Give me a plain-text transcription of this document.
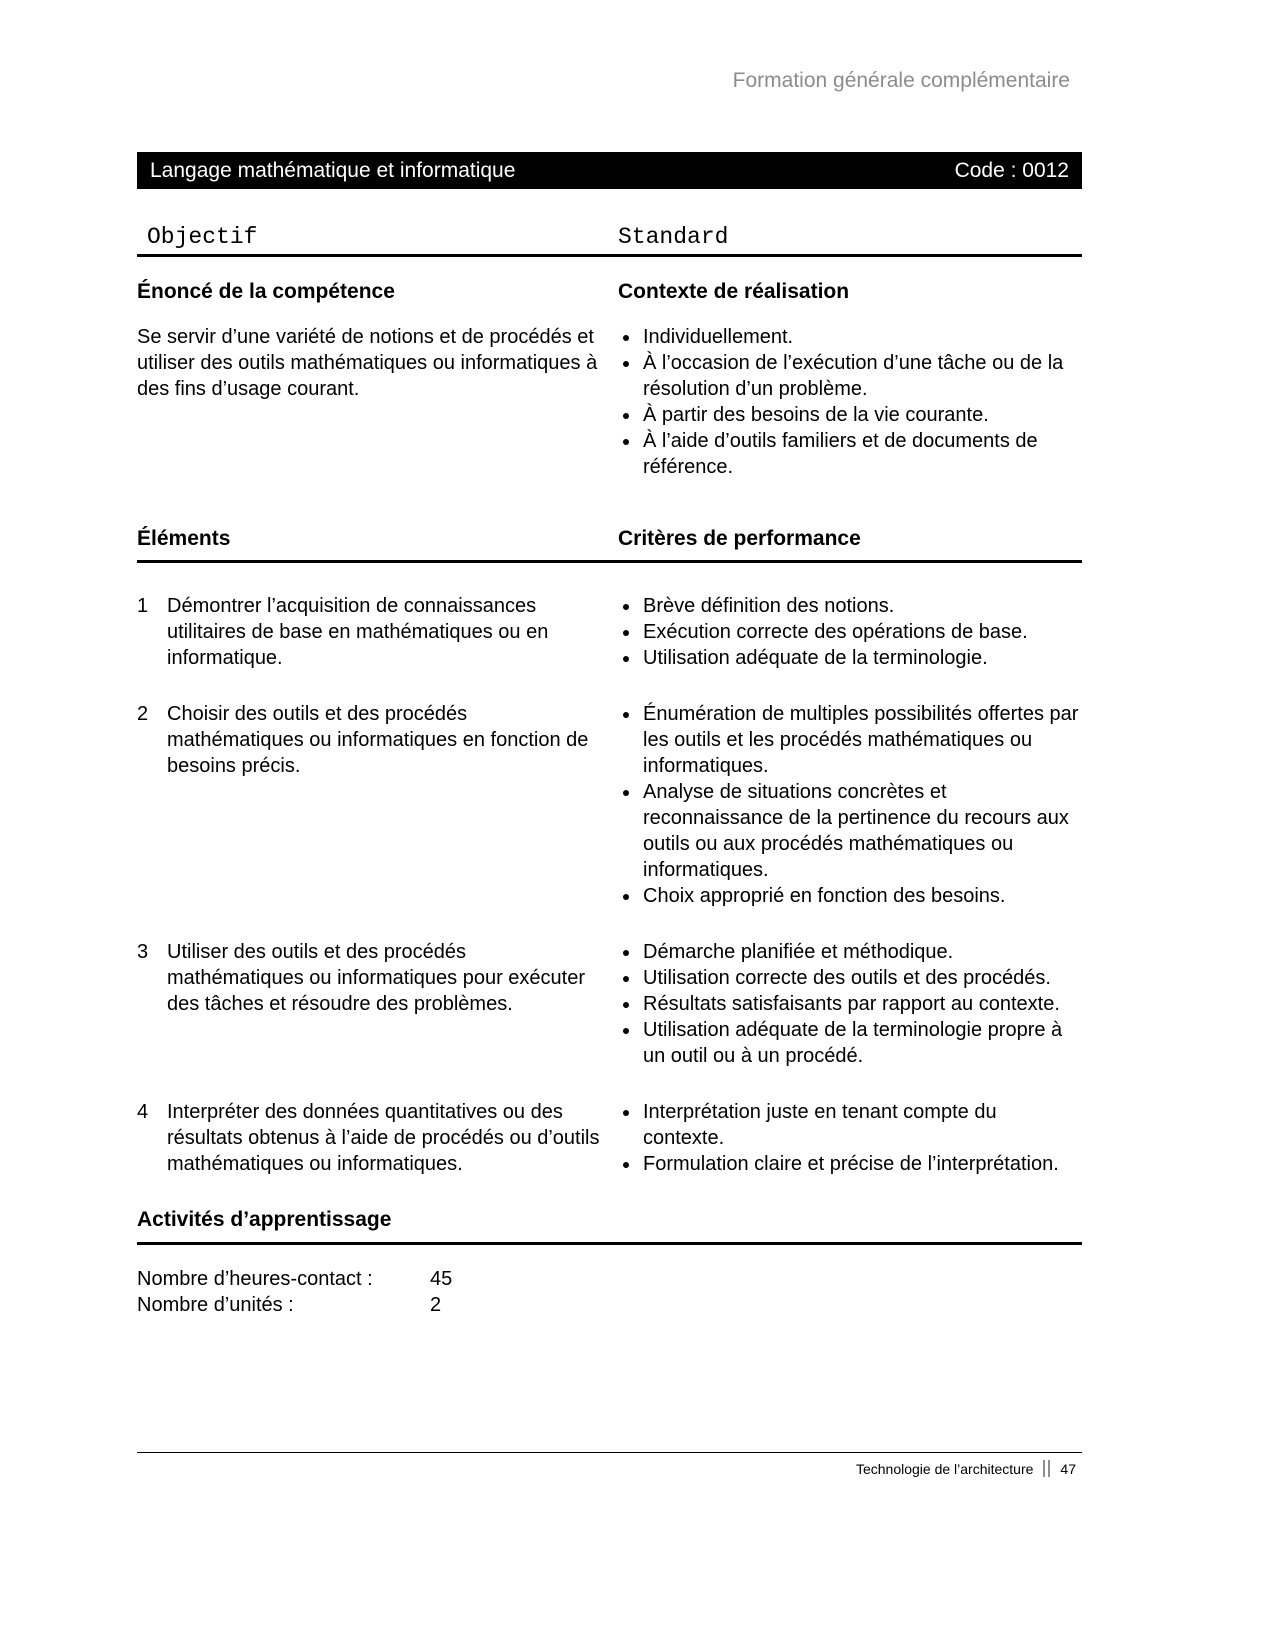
Formation générale complémentaire
Langage mathématique et informatique	Code : 0012
Objectif	Standard
Énoncé de la compétence	Contexte de réalisation
Se servir d’une variété de notions et de procédés et utiliser des outils mathématiques ou informatiques à des fins d’usage courant.
• Individuellement.
• À l’occasion de l’exécution d’une tâche ou de la résolution d’un problème.
• À partir des besoins de la vie courante.
• À l’aide d’outils familiers et de documents de référence.
Éléments	Critères de performance
1 Démontrer l’acquisition de connaissances utilitaires de base en mathématiques ou en informatique.
• Brève définition des notions.
• Exécution correcte des opérations de base.
• Utilisation adéquate de la terminologie.
2 Choisir des outils et des procédés mathématiques ou informatiques en fonction de besoins précis.
• Énumération de multiples possibilités offertes par les outils et les procédés mathématiques ou informatiques.
• Analyse de situations concrètes et reconnaissance de la pertinence du recours aux outils ou aux procédés mathématiques ou informatiques.
• Choix approprié en fonction des besoins.
3 Utiliser des outils et des procédés mathématiques ou informatiques pour exécuter des tâches et résoudre des problèmes.
• Démarche planifiée et méthodique.
• Utilisation correcte des outils et des procédés.
• Résultats satisfaisants par rapport au contexte.
• Utilisation adéquate de la terminologie propre à un outil ou à un procédé.
4 Interpréter des données quantitatives ou des résultats obtenus à l’aide de procédés ou d’outils mathématiques ou informatiques.
• Interprétation juste en tenant compte du contexte.
• Formulation claire et précise de l’interprétation.
Activités d’apprentissage
Nombre d’heures-contact :	45
Nombre d’unités :	2
Technologie de l’architecture 47
